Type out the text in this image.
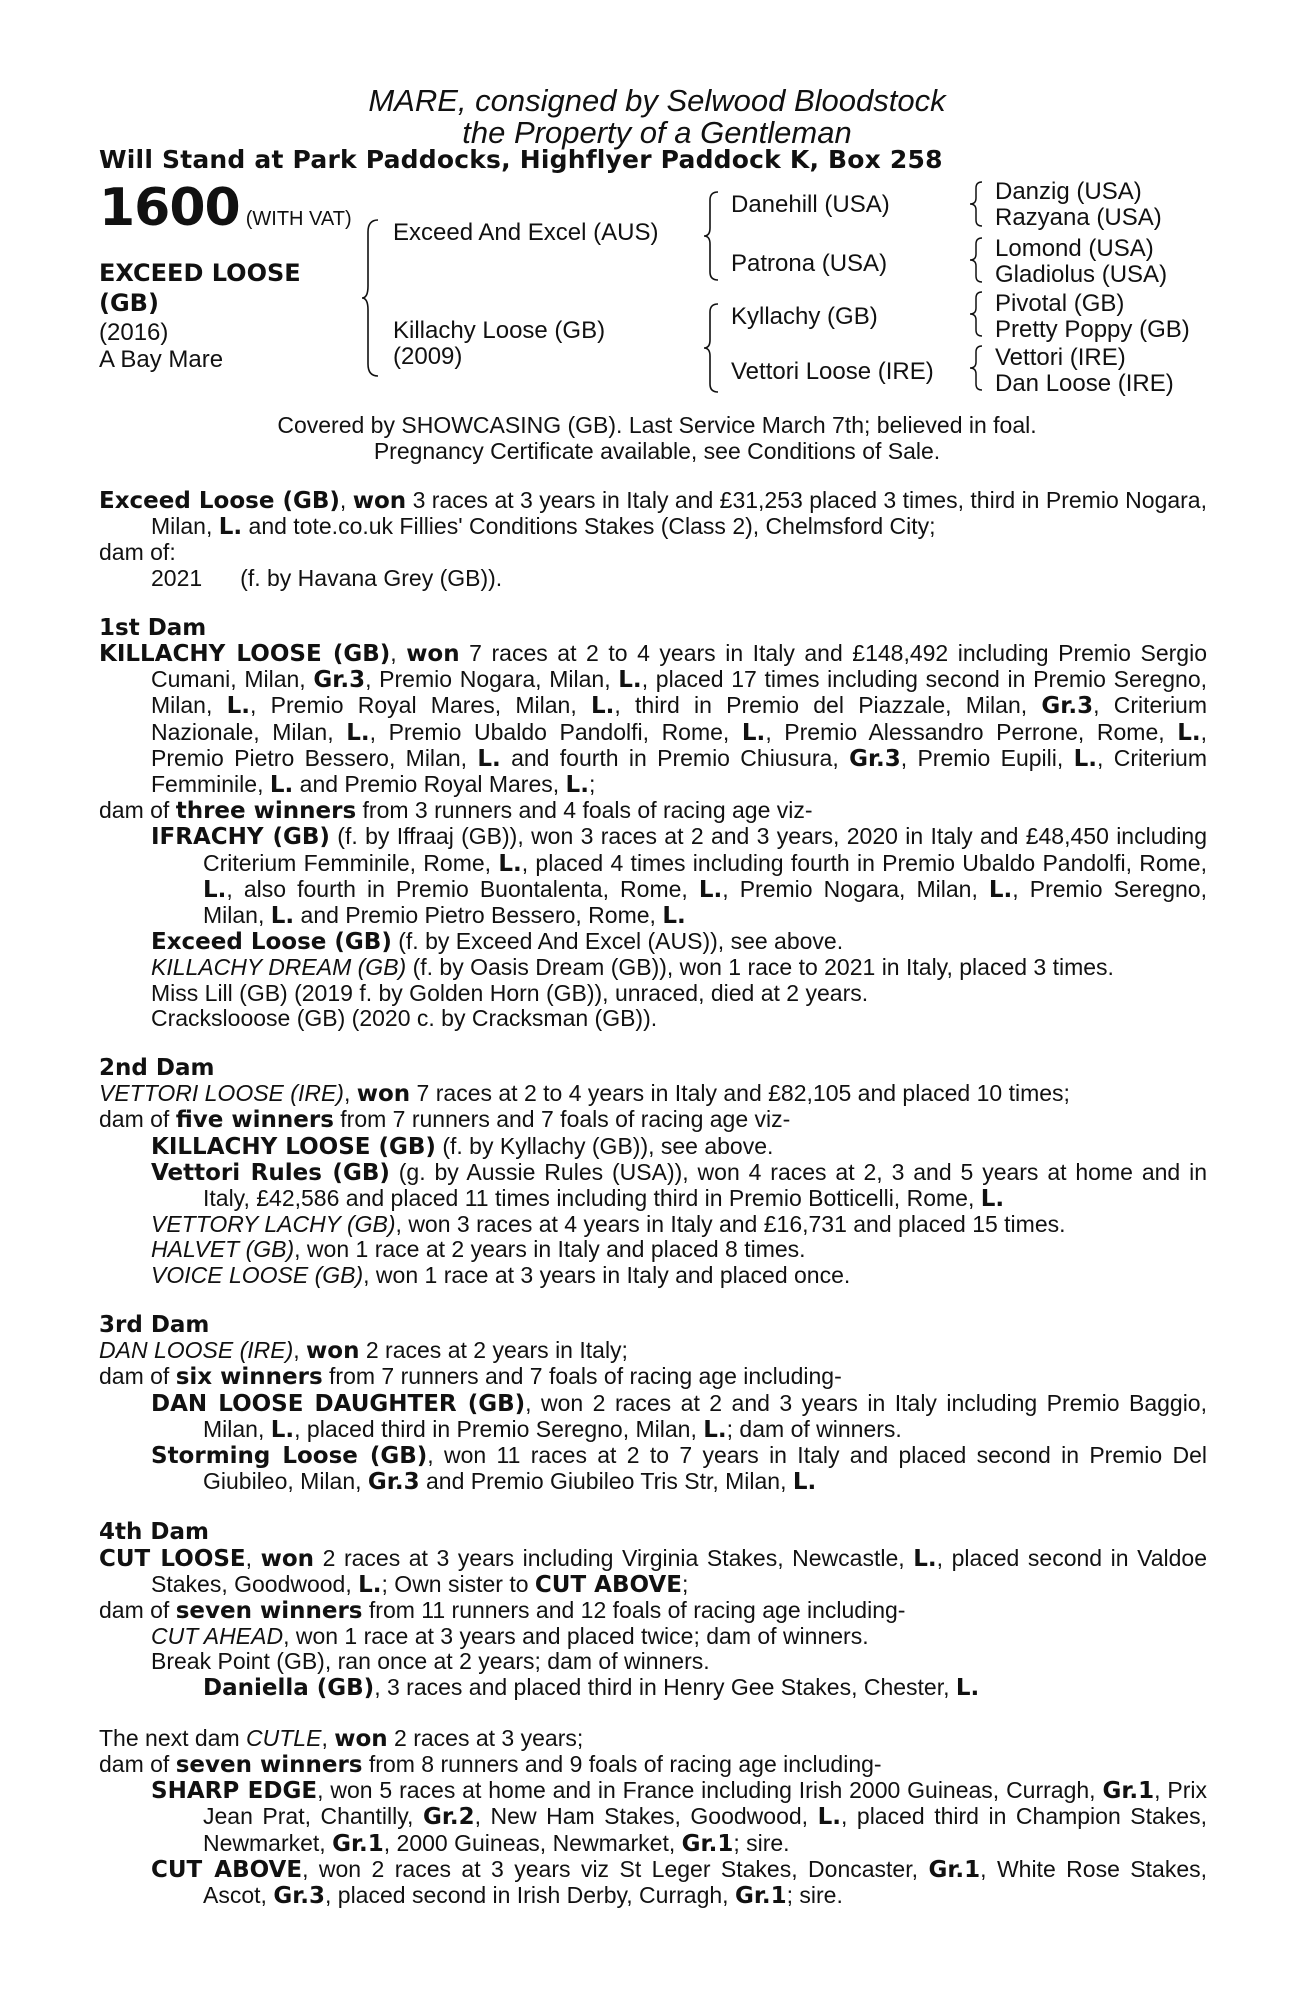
MARE, consigned by Selwood Bloodstock
the Property of a Gentleman
Will Stand at Park Paddocks, Highflyer Paddock K, Box 258
1600 (WITH VAT)
EXCEED LOOSE
(GB)
(2016)
A Bay Mare
Exceed And Excel (AUS)
Killachy Loose (GB)
(2009)
Danehill (USA)
Patrona (USA)
Kyllachy (GB)
Vettori Loose (IRE)
Danzig (USA)
Razyana (USA)
Lomond (USA)
Gladiolus (USA)
Pivotal (GB)
Pretty Poppy (GB)
Vettori (IRE)
Dan Loose (IRE)
Covered by SHOWCASING (GB). Last Service March 7th; believed in foal.
Pregnancy Certificate available, see Conditions of Sale.

Exceed Loose (GB), won 3 races at 3 years in Italy and £31,253 placed 3 times, third in Premio Nogara, Milan, L. and tote.co.uk Fillies' Conditions Stakes (Class 2), Chelmsford City;

dam of:

2021 (f. by Havana Grey (GB)).

1st Dam

KILLACHY LOOSE (GB), won 7 races at 2 to 4 years in Italy and £148,492 including Premio Sergio Cumani, Milan, Gr.3, Premio Nogara, Milan, L., placed 17 times including second in Premio Seregno, Milan, L., Premio Royal Mares, Milan, L., third in Premio del Piazzale, Milan, Gr.3, Criterium Nazionale, Milan, L., Premio Ubaldo Pandolfi, Rome, L., Premio Alessandro Perrone, Rome, L., Premio Pietro Bessero, Milan, L. and fourth in Premio Chiusura, Gr.3, Premio Eupili, L., Criterium Femminile, L. and Premio Royal Mares, L.;

dam of three winners from 3 runners and 4 foals of racing age viz-

IFRACHY (GB) (f. by Iffraaj (GB)), won 3 races at 2 and 3 years, 2020 in Italy and £48,450 including Criterium Femminile, Rome, L., placed 4 times including fourth in Premio Ubaldo Pandolfi, Rome, L., also fourth in Premio Buontalenta, Rome, L., Premio Nogara, Milan, L., Premio Seregno, Milan, L. and Premio Pietro Bessero, Rome, L.

Exceed Loose (GB) (f. by Exceed And Excel (AUS)), see above.

KILLACHY DREAM (GB) (f. by Oasis Dream (GB)), won 1 race to 2021 in Italy, placed 3 times.

Miss Lill (GB) (2019 f. by Golden Horn (GB)), unraced, died at 2 years.

Crackslooose (GB) (2020 c. by Cracksman (GB)).

2nd Dam

VETTORI LOOSE (IRE), won 7 races at 2 to 4 years in Italy and £82,105 and placed 10 times;

dam of five winners from 7 runners and 7 foals of racing age viz-

KILLACHY LOOSE (GB) (f. by Kyllachy (GB)), see above.

Vettori Rules (GB) (g. by Aussie Rules (USA)), won 4 races at 2, 3 and 5 years at home and in Italy, £42,586 and placed 11 times including third in Premio Botticelli, Rome, L.

VETTORY LACHY (GB), won 3 races at 4 years in Italy and £16,731 and placed 15 times.

HALVET (GB), won 1 race at 2 years in Italy and placed 8 times.

VOICE LOOSE (GB), won 1 race at 3 years in Italy and placed once.

3rd Dam

DAN LOOSE (IRE), won 2 races at 2 years in Italy;

dam of six winners from 7 runners and 7 foals of racing age including-

DAN LOOSE DAUGHTER (GB), won 2 races at 2 and 3 years in Italy including Premio Baggio, Milan, L., placed third in Premio Seregno, Milan, L.; dam of winners.

Storming Loose (GB), won 11 races at 2 to 7 years in Italy and placed second in Premio Del Giubileo, Milan, Gr.3 and Premio Giubileo Tris Str, Milan, L.

4th Dam

CUT LOOSE, won 2 races at 3 years including Virginia Stakes, Newcastle, L., placed second in Valdoe Stakes, Goodwood, L.; Own sister to CUT ABOVE;

dam of seven winners from 11 runners and 12 foals of racing age including-

CUT AHEAD, won 1 race at 3 years and placed twice; dam of winners.

Break Point (GB), ran once at 2 years; dam of winners.

Daniella (GB), 3 races and placed third in Henry Gee Stakes, Chester, L.

The next dam CUTLE, won 2 races at 3 years;

dam of seven winners from 8 runners and 9 foals of racing age including-

SHARP EDGE, won 5 races at home and in France including Irish 2000 Guineas, Curragh, Gr.1, Prix Jean Prat, Chantilly, Gr.2, New Ham Stakes, Goodwood, L., placed third in Champion Stakes, Newmarket, Gr.1, 2000 Guineas, Newmarket, Gr.1; sire.

CUT ABOVE, won 2 races at 3 years viz St Leger Stakes, Doncaster, Gr.1, White Rose Stakes, Ascot, Gr.3, placed second in Irish Derby, Curragh, Gr.1; sire.
